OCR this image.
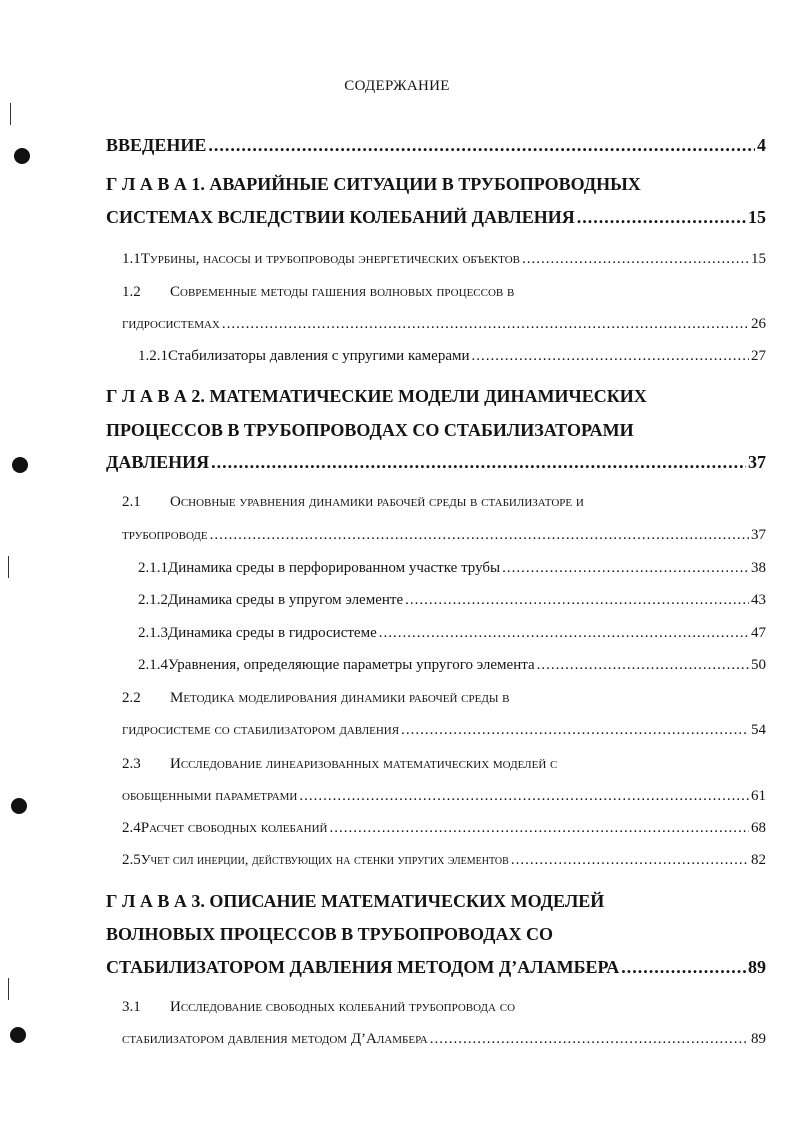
СОДЕРЖАНИЕ
ВВЕДЕНИЕ .....	4
Г Л А В А 1. АВАРИЙНЫЕ СИТУАЦИИ В ТРУБОПРОВОДНЫХ
СИСТЕМАХ ВСЛЕДСТВИИ КОЛЕБАНИЙ ДАВЛЕНИЯ .....	15
1.1 Турбины, насосы и трубопроводы энергетических объектов .....	15
1.2 Современные методы гашения волновых процессов в
гидросистемах .....	26
1.2.1 Стабилизаторы давления с упругими камерами .....	27
Г Л А В А 2. МАТЕМАТИЧЕСКИЕ МОДЕЛИ ДИНАМИЧЕСКИХ
ПРОЦЕССОВ В ТРУБОПРОВОДАХ СО СТАБИЛИЗАТОРАМИ
ДАВЛЕНИЯ .....	37
2.1 Основные уравнения динамики рабочей среды в стабилизаторе и
трубопроводе .....	37
2.1.1 Динамика среды в перфорированном участке трубы .....	38
2.1.2 Динамика среды в упругом элементе .....	43
2.1.3 Динамика среды в гидросистеме .....	47
2.1.4 Уравнения, определяющие параметры упругого элемента .....	50
2.2 Методика моделирования динамики рабочей среды в
гидросистеме со стабилизатором давления .....	54
2.3 Исследование линеаризованных математических моделей с
обобщенными параметрами .....	61
2.4 Расчет свободных колебаний .....	68
2.5 Учет сил инерции, действующих на стенки упругих элементов .....	82
Г Л А В А 3. ОПИСАНИЕ МАТЕМАТИЧЕСКИХ МОДЕЛЕЙ
ВОЛНОВЫХ ПРОЦЕССОВ В ТРУБОПРОВОДАХ СО
СТАБИЛИЗАТОРОМ ДАВЛЕНИЯ МЕТОДОМ Д’АЛАМБЕРА .....	89
3.1 Исследование свободных колебаний трубопровода со
стабилизатором давления методом Д’Аламбера .....	89
